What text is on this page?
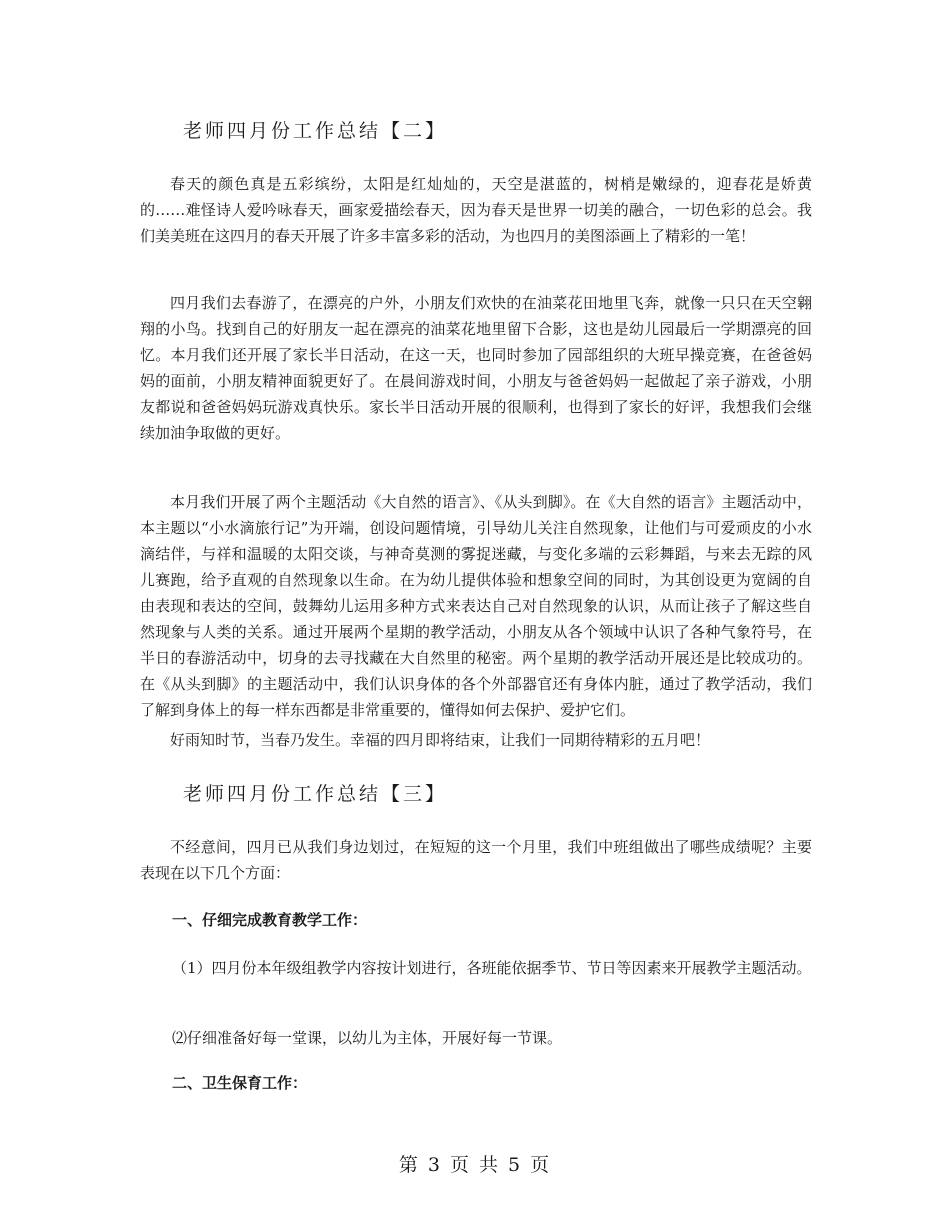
老师四月份工作总结【二】

春天的颜色真是五彩缤纷，太阳是红灿灿的，天空是湛蓝的，树梢是嫩绿的，迎春花是娇黄的……难怪诗人爱吟咏春天，画家爱描绘春天，因为春天是世界一切美的融合，一切色彩的总会。我们美美班在这四月的春天开展了许多丰富多彩的活动，为也四月的美图添画上了精彩的一笔！

四月我们去春游了，在漂亮的户外，小朋友们欢快的在油菜花田地里飞奔，就像一只只在天空翱翔的小鸟。找到自己的好朋友一起在漂亮的油菜花地里留下合影，这也是幼儿园最后一学期漂亮的回忆。本月我们还开展了家长半日活动，在这一天，也同时参加了园部组织的大班早操竞赛，在爸爸妈妈的面前，小朋友精神面貌更好了。在晨间游戏时间，小朋友与爸爸妈妈一起做起了亲子游戏，小朋友都说和爸爸妈妈玩游戏真快乐。家长半日活动开展的很顺利，也得到了家长的好评，我想我们会继续加油争取做的更好。

本月我们开展了两个主题活动《大自然的语言》、《从头到脚》。在《大自然的语言》主题活动中，本主题以“小水滴旅行记”为开端，创设问题情境，引导幼儿关注自然现象，让他们与可爱顽皮的小水滴结伴，与祥和温暖的太阳交谈，与神奇莫测的雾捉迷藏，与变化多端的云彩舞蹈，与来去无踪的风儿赛跑，给予直观的自然现象以生命。在为幼儿提供体验和想象空间的同时，为其创设更为宽阔的自由表现和表达的空间，鼓舞幼儿运用多种方式来表达自己对自然现象的认识，从而让孩子了解这些自然现象与人类的关系。通过开展两个星期的教学活动，小朋友从各个领域中认识了各种气象符号，在半日的春游活动中，切身的去寻找藏在大自然里的秘密。两个星期的教学活动开展还是比较成功的。在《从头到脚》的主题活动中，我们认识身体的各个外部器官还有身体内脏，通过了教学活动，我们了解到身体上的每一样东西都是非常重要的，懂得如何去保护、爱护它们。

好雨知时节，当春乃发生。幸福的四月即将结束，让我们一同期待精彩的五月吧！

老师四月份工作总结【三】

不经意间，四月已从我们身边划过，在短短的这一个月里，我们中班组做出了哪些成绩呢？主要表现在以下几个方面：

一、仔细完成教育教学工作：

（1）四月份本年级组教学内容按计划进行，各班能依据季节、节日等因素来开展教学主题活动。

⑵仔细准备好每一堂课，以幼儿为主体，开展好每一节课。

二、卫生保育工作：
第 3 页 共 5 页
